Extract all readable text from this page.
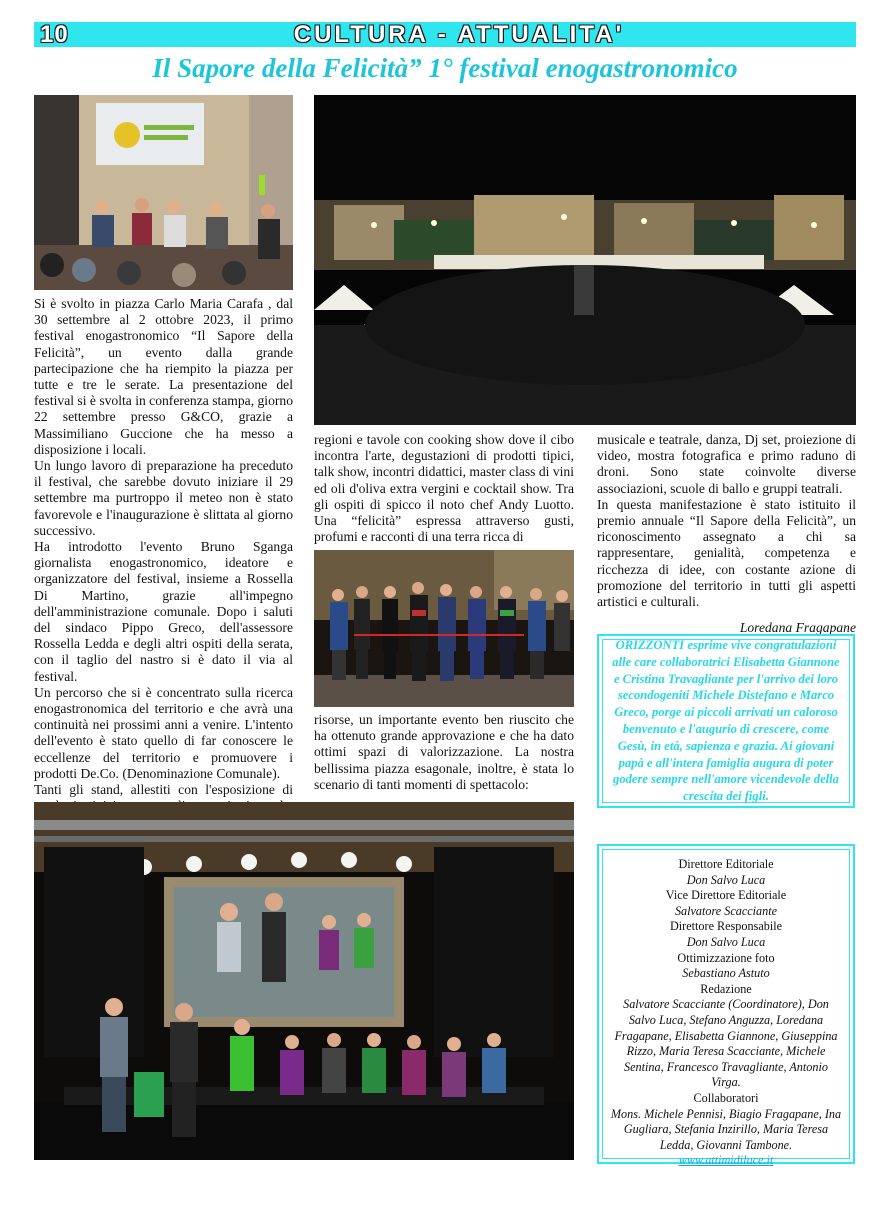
10	CULTURA - ATTUALITA'
Il Sapore della Felicità” 1° festival enogastronomico

Si è svolto in piazza Carlo Maria Carafa , dal 30 settembre al 2 ottobre 2023, il primo festival enogastronomico “Il Sapore della Felicità”, un evento dalla grande partecipazione che ha riempito la piazza per tutte e tre le serate. La presentazione del festival si è svolta in conferenza stampa, giorno 22 settembre presso G&CO, grazie a Massimiliano Guccione che ha messo a disposizione i locali.

Un lungo lavoro di preparazione ha preceduto il festival, che sarebbe dovuto iniziare il 29 settembre ma purtroppo il meteo non è stato favorevole e l'inaugurazione è slittata al giorno successivo.

Ha introdotto l'evento Bruno Sganga giornalista enogastronomico, ideatore e organizzatore del festival, insieme a Rossella Di Martino, grazie all'impegno dell'amministrazione comunale. Dopo i saluti del sindaco Pippo Greco, dell'assessore Rossella Ledda e degli altri ospiti della serata, con il taglio del nastro si è dato il via al festival.

Un percorso che si è concentrato sulla ricerca enogastronomica del territorio e che avrà una continuità nei prossimi anni a venire. L'intento dell'evento è stato quello di far conoscere le eccellenze del territorio e promuovere i prodotti De.Co. (Denominazione Comunale).

Tanti gli stand, allestiti con l'esposizione di

regioni e tavole con cooking show dove il cibo incontra l'arte, degustazioni di prodotti tipici, talk show, incontri didattici, master class di vini ed oli d'oliva extra vergini e cocktail show. Tra gli ospiti di spicco il noto chef Andy Luotto. Una “felicità” espressa attraverso gusti, profumi e racconti di una terra ricca di

risorse, un importante evento ben riuscito che ha ottenuto grande approvazione e che ha dato ottimi spazi di valorizzazione. La nostra bellissima piazza esagonale, inoltre, è stata lo scenario di tanti momenti di spettacolo:

musicale e teatrale, danza, Dj set, proiezione di video, mostra fotografica e primo raduno di droni. Sono state coinvolte diverse associazioni, scuole di ballo e gruppi teatrali.

In questa manifestazione è stato istituito il premio annuale “Il Sapore della Felicità”, un riconoscimento assegnato a chi sa rappresentare, genialità, competenza e ricchezza di idee, con costante azione di promozione del territorio in tutti gli aspetti artistici e culturali.

Loredana Fragapane

ORIZZONTI esprime vive congratulazioni alle care collaboratrici Elisabetta Giannone e Cristina Travagliante per l'arrivo dei loro secondogeniti Michele Distefano e Marco Greco, porge ai piccoli arrivati un caloroso benvenuto e l'augurio di crescere, come Gesù, in età, sapienza e grazia. Ai giovani papà e all'intera famiglia augura di poter godere sempre nell'amore vicendevole della crescita dei figli.
Direttore Editoriale
Don Salvo Luca
Vice Direttore Editoriale
Salvatore Scacciante
Direttore Responsabile
Don Salvo Luca
Ottimizzazione foto
Sebastiano Astuto
Redazione
Salvatore Scacciante (Coordinatore), Don Salvo Luca, Stefano Anguzza, Loredana Fragapane, Elisabetta Giannone, Giuseppina Rizzo, Maria Teresa Scacciante, Michele Sentina, Francesco Travagliante, Antonio Virga.
Collaboratori
Mons. Michele Pennisi, Biagio Fragapane, Ina Gugliara, Stefania Inzirillo, Maria Teresa Ledda, Giovanni Tambone.
www.attimidiluce.it
